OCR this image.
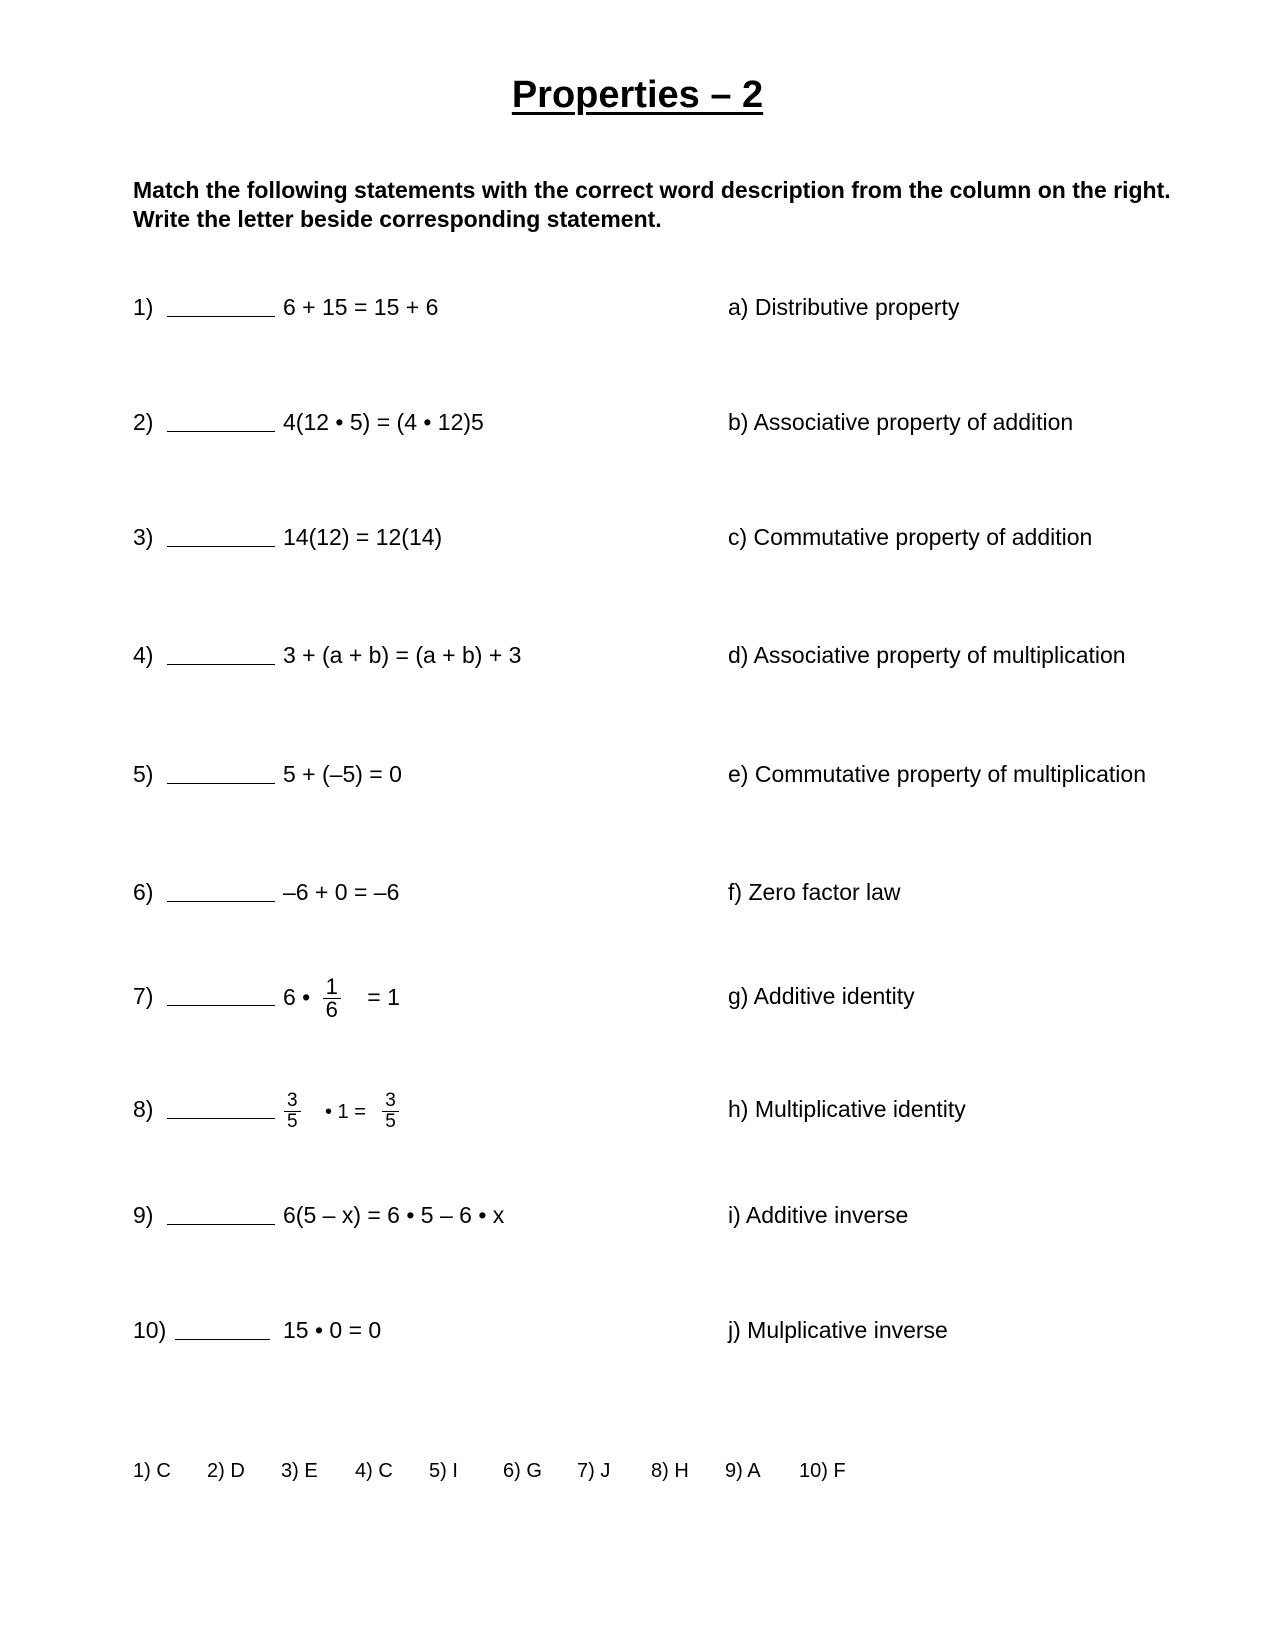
Properties – 2
Match the following statements with the correct word description from the column on the right. Write the letter beside corresponding statement.
1)	6 + 15 = 15 + 6	a) Distributive property
2)	4(12 • 5) = (4 • 12)5	b) Associative property of addition
3)	14(12) = 12(14)	c) Commutative property of addition
4)	3 + (a + b) = (a + b) + 3	d) Associative property of multiplication
5)	5 + (–5) = 0	e) Commutative property of multiplication
6)	–6 + 0 = –6	f) Zero factor law
7)	6 • $\frac{1}{6} = 1$	g) Additive identity
8)	$\frac{3}{5}$ • $1 = \frac{3}{5}$	h) Multiplicative identity
9)	6(5 – x) = 6 • 5 – 6 • x	i) Additive inverse
10)	15 • 0 = 0	j) Mulplicative inverse
1) C 2) D 3) E 4) C 5) I 6) G 7) J 8) H 9) A 10) F
